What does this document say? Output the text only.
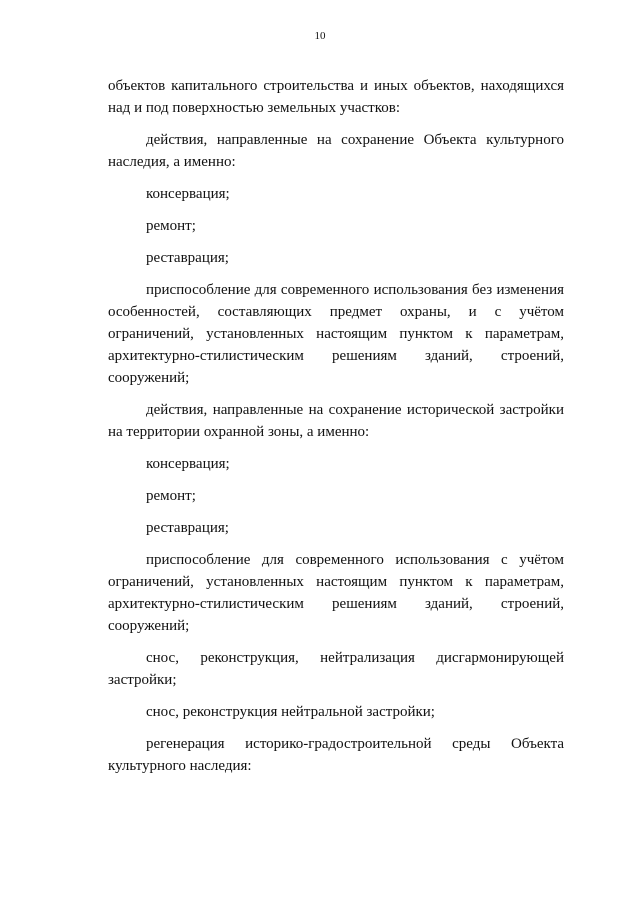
10

объектов капитального строительства и иных объектов, находящихся над и под поверхностью земельных участков:

действия, направленные на сохранение Объекта культурного наследия, а именно:

консервация;

ремонт;

реставрация;

приспособление для современного использования без изменения особенностей, составляющих предмет охраны, и с учётом ограничений, установленных настоящим пунктом к параметрам, архитектурно-стилистическим решениям зданий, строений, сооружений;

действия, направленные на сохранение исторической застройки на территории охранной зоны, а именно:

консервация;

ремонт;

реставрация;

приспособление для современного использования с учётом ограничений, установленных настоящим пунктом к параметрам, архитектурно-стилистическим решениям зданий, строений, сооружений;

снос, реконструкция, нейтрализация дисгармонирующей застройки;

снос, реконструкция нейтральной застройки;

регенерация историко-градостроительной среды Объекта культурного наследия:
